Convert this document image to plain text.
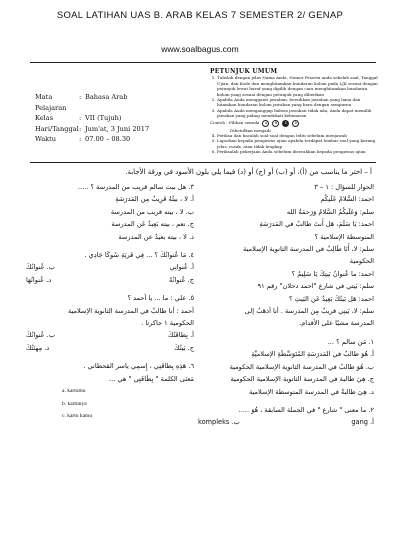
SOAL LATIHAN UAS B. ARAB KELAS 7 SEMESTER 2/ GENAP
www.soalbagus.com
Mata Pelajaran
: Bahasa Arab
Kelas	: VII (Tujuh)
Hari/Tanggal : Jum'at, 3 Juni 2017
Waktu	: 07.00 – 08.30
PETUNJUK UMUM
1. Tulislah dengan jelas Nama Anda, Nomor Peserta anda sekolah asal, Tanggal Ujian, dan Kode dan menghitamkan bundaran kolom pada LJK sesuai dengan petunjuk lewat huruf yang dipilih dengan cara menghitamkan bundaran kolom yang sesuai dengan petunjuk yang diberikan
2. Apabila Anda mengganti jawaban, bersihkan jawaban yang lama dan hitamkan bundaran kolom jawaban yang baru dengan sempurna
3. Apabila Anda menganggap bahwa jawaban tidak ada, Anda dapat memilih jawaban yang paling mendekati kebenaran
Contoh : Pilihan semula	A	B	C	D
Dibetulkan menjadi
4. Periksa dan bacalah soal-soal dengan teliti sebelum menjawab
5. Laporkan kepada pengawas ujian apabila terdapat lembar soal yang kurang jelas, rusak, atau tidak lengkap
6. Periksalah pekerjaan Anda sebelum diserahkan kepada pengawas ujian
أ – اختر ما يناسب من (أ)، أو (ب) أو (ج) أو (د) فيما يلي بلون الأسود في ورقة الأجابة.

الحوار للسؤال : ١ – ٣

احمد: السَّلامُ عَلَيكُم

سلم: وَعَلَيكُمُ السَّلامُ وَرَحمَةُ الله

احمد: يَا سَلَمَ، هَل أَنتَ طالبٌ في المَدرَسَةِ

المتوسطة الإسلامية ؟

سلم: لا، أَنَا طَالِبٌ في المدرسة الثانوية الإسلامية

الحكومية

احمد: ما عُنوانُ بَيتِكَ يَا سَلِيمٌ ؟

سلم: بَيتي في شارع "احمد دحلان" رقم ٩١

احمد: هَل بَيتُكَ بَعِيدٌ عَن البَيتِ ؟

سلم: لا، بَيتِي قريبٌ مِن المدرسة . أنا أذهَبُ إلى

المدرسة مشيًا على الأقدام.

١. مَن سالم ؟ ...

أ. هُوَ طالبٌ في المَدرَسَةِ المُتَوَسِّطَةِ الإسلاميَّةِ

ب. هُوَ طالبٌ في المدرسة الثانوية الإسلامية الحكومية

ج. هِيَ طالبة في المدرسة الثانوية الإسلامية الحكومية

د. هِيَ طالبةٌ في المدرسة المتوسطة الإسلامية

٢. ما معنى " شارع " في الجملة السابقة ، هُوَ .....

أ. gang
ب. kompleks

٣. هل بيت سالم قريب من المدرسة ؟ .....

أ. لا ، بيتُهُ قَرِيبٌ مِن المَدرَسَةِ

ب. لا ، بيته قريب من المدرسة

ج. نعم ، بيته بَعِيدٌ عَن المدرسة

د. لا ، بيته بعيدٌ عن المدرسة

٤. مَا عُنوانُكَ ؟ ... فِي قَريَةِ سُوكَا جَادِي .

أ. عُنوانِي
ب. عُنوانُكَ
ج. عُنوانُهُ
د. عُنوانُهَا

٥. علي : ما ... يا أحمد ؟

أحمد : أنا طالبٌ في المدرسة الثانوية الإسلامية

الحكومية ١ جاكرتا .

أ. بِطاقَتُكَ
ب. عُنوانُكَ
ج. بَيتُكَ
د. مِهنَتُكَ

٦. هَذِهِ بِطاقَتِي ، إِسمِي ياسر القحطاني .

مَعنَى الكلمة " بِطَاقَتِي " هي ...

a. kartumu

b. kartunya

c. kartu kamu
